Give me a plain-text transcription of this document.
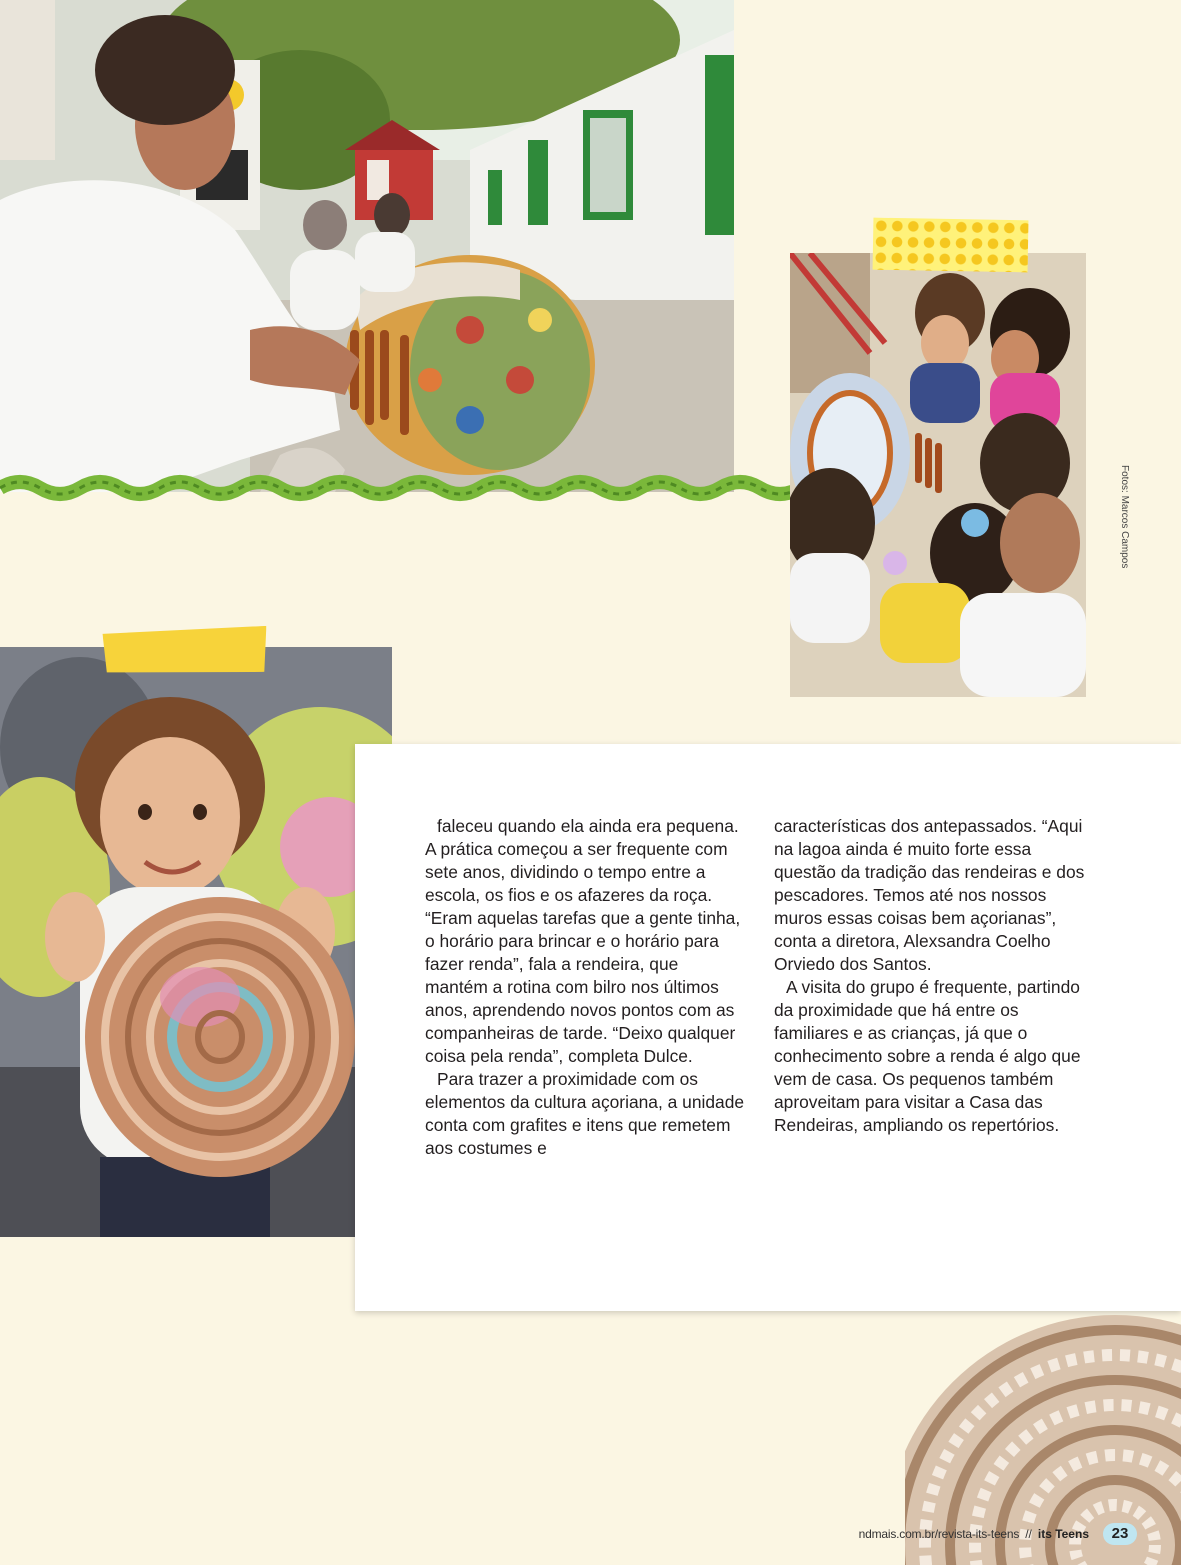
Fotos: Marcos Campos

faleceu quando ela ainda era pequena. A prática começou a ser frequente com sete anos, dividindo o tempo entre a escola, os fios e os afazeres da roça. “Eram aquelas tarefas que a gente tinha, o horário para brincar e o horário para fazer renda”, fala a rendeira, que mantém a rotina com bilro nos últimos anos, aprendendo novos pontos com as companheiras de tarde. “Deixo qualquer coisa pela renda”, completa Dulce.

Para trazer a proximidade com os elementos da cultura açoriana, a unidade conta com grafites e itens que remetem aos costumes e

características dos antepassados. “Aqui na lagoa ainda é muito forte essa questão da tradição das rendeiras e dos pescadores. Temos até nos nossos muros essas coisas bem açorianas”, conta a diretora, Alexsandra Coelho Orviedo dos Santos.

A visita do grupo é frequente, partindo da proximidade que há entre os familiares e as crianças, já que o conhecimento sobre a renda é algo que vem de casa. Os pequenos também aproveitam para visitar a Casa das Rendeiras, ampliando os repertórios.

ndmais.com.br/revista-its-teens // its Teens	23
